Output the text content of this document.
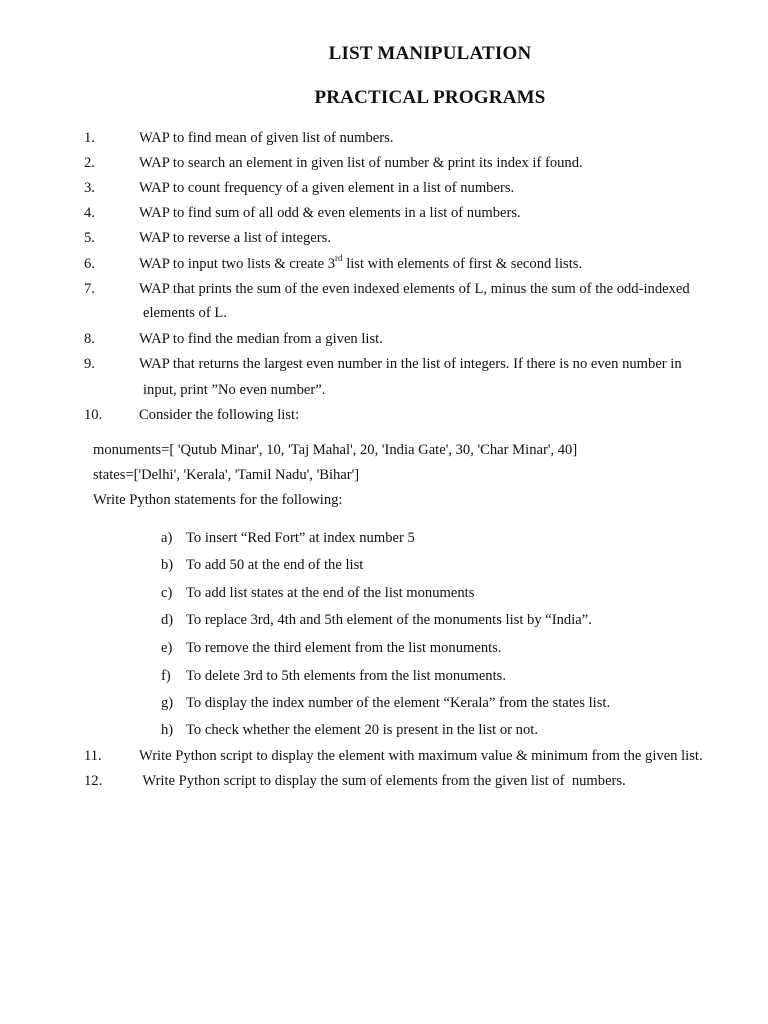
LIST MANIPULATION
PRACTICAL PROGRAMS
1.	WAP to find mean of given list of numbers.
2.	WAP to search an element in given list of number & print its index if found.
3.	WAP to count frequency of a given element in a list of numbers.
4.	WAP to find sum of all odd & even elements in a list of numbers.
5.	WAP to reverse a list of integers.
6.	WAP to input two lists & create 3rd list with elements of first & second lists.
7.	WAP that prints the sum of the even indexed elements of L, minus the sum of the odd-indexed
elements of L.
8.	WAP to find the median from a given list.
9.	WAP that returns the largest even number in the list of integers. If there is no even number in
input, print ”No even number”.
10.	Consider the following list:
monuments=[ 'Qutub Minar', 10, 'Taj Mahal', 20, 'India Gate', 30, 'Char Minar', 40]
states=['Delhi', 'Kerala', 'Tamil Nadu', 'Bihar']
Write Python statements for the following:
a) To insert “Red Fort” at index number 5
b) To add 50 at the end of the list
c) To add list states at the end of the list monuments
d) To replace 3rd, 4th and 5th element of the monuments list by “India”.
e) To remove the third element from the list monuments.
f) To delete 3rd to 5th elements from the list monuments.
g) To display the index number of the element “Kerala” from the states list.
h) To check whether the element 20 is present in the list or not.
11.	Write Python script to display the element with maximum value & minimum from the given list.
12.	Write Python script to display the sum of elements from the given list of  numbers.
